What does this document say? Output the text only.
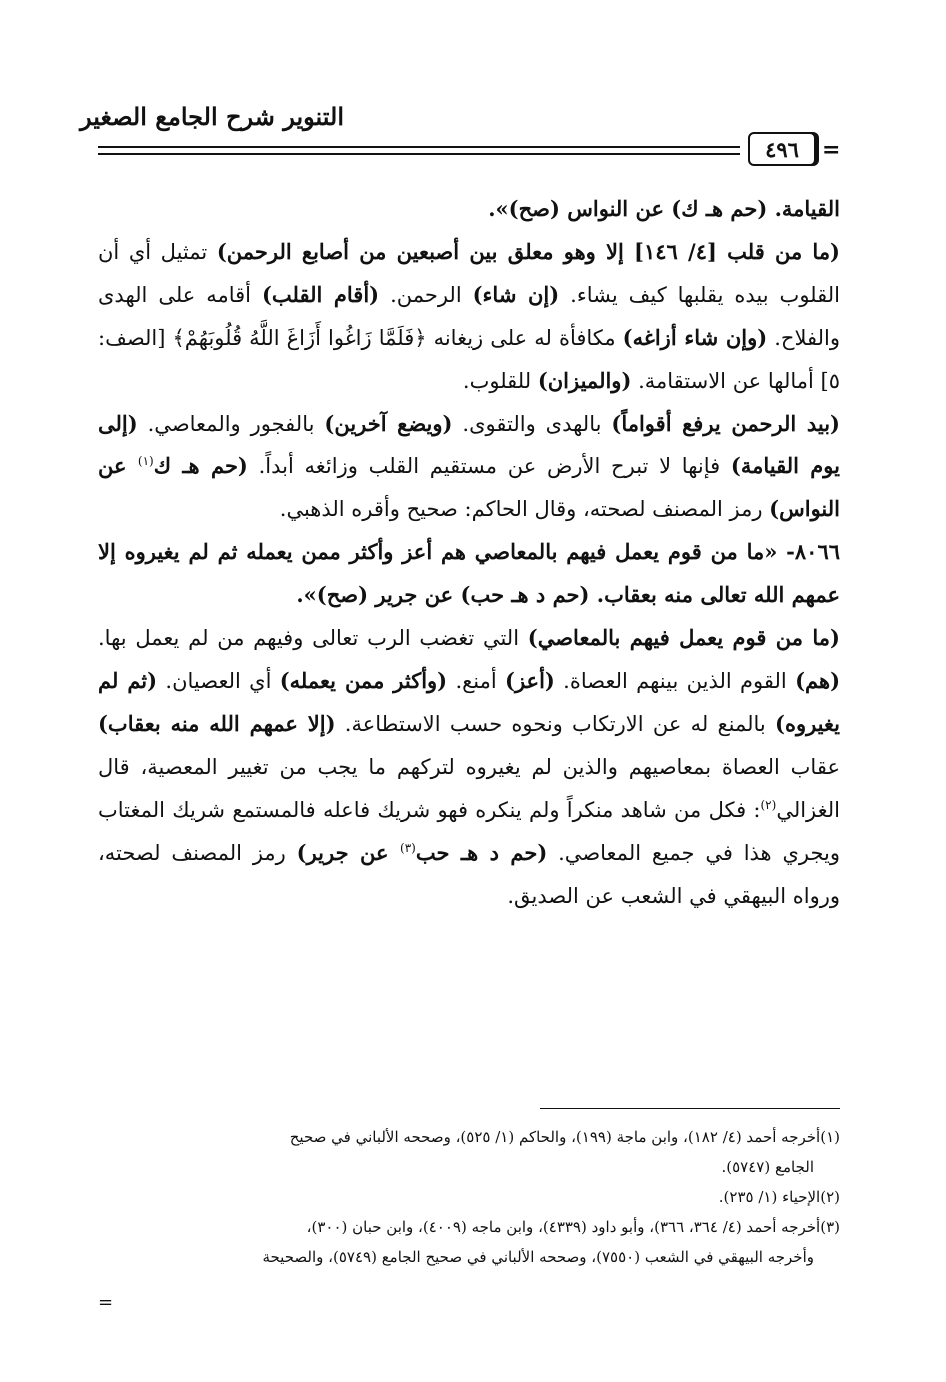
التنوير شرح الجامع الصغير
٤٩٦ =

القيامة. (حم هـ ك) عن النواس (صح)».
(ما من قلب [٤/ ١٤٦] إلا وهو معلق بين أصبعين من أصابع الرحمن) تمثيل أي أن القلوب بيده يقلبها كيف يشاء. (إن شاء) الرحمن. (أقام القلب) أقامه على الهدى والفلاح. (وإن شاء أزاغه) مكافأة له على زيغانه ﴿فَلَمَّا زَاغُوا أَزَاغَ اللَّهُ قُلُوبَهُمْ﴾ [الصف: ٥] أمالها عن الاستقامة. (والميزان) للقلوب.

(بيد الرحمن يرفع أقواماً) بالهدى والتقوى. (ويضع آخرين) بالفجور والمعاصي. (إلى يوم القيامة) فإنها لا تبرح الأرض عن مستقيم القلب وزائغه أبداً. (حم هـ ك$^{(١)}$ عن النواس) رمز المصنف لصحته، وقال الحاكم: صحيح وأقره الذهبي.

٨٠٦٦- «ما من قوم يعمل فيهم بالمعاصي هم أعز وأكثر ممن يعمله ثم لم يغيروه إلا عمهم الله تعالى منه بعقاب. (حم د هـ حب) عن جرير (صح)».

(ما من قوم يعمل فيهم بالمعاصي) التي تغضب الرب تعالى وفيهم من لم يعمل بها. (هم) القوم الذين بينهم العصاة. (أعز) أمنع. (وأكثر ممن يعمله) أي العصيان. (ثم لم يغيروه) بالمنع له عن الارتكاب ونحوه حسب الاستطاعة. (إلا عمهم الله منه بعقاب) عقاب العصاة بمعاصيهم والذين لم يغيروه لتركهم ما يجب من تغيير المعصية، قال الغزالي$^{(٢)}$: فكل من شاهد منكراً ولم ينكره فهو شريك فاعله فالمستمع شريك المغتاب ويجري هذا في جميع المعاصي. (حم د هـ حب$^{(٣)}$ عن جرير) رمز المصنف لصحته، ورواه البيهقي في الشعب عن الصديق.

(١)أخرجه أحمد (٤/ ١٨٢)، وابن ماجة (١٩٩)، والحاكم (١/ ٥٢٥)، وصححه الألباني في صحيح
الجامع (٥٧٤٧).

(٢)الإحياء (١/ ٢٣٥).

(٣)أخرجه أحمد (٤/ ٣٦٤، ٣٦٦)، وأبو داود (٤٣٣٩)، وابن ماجه (٤٠٠٩)، وابن حبان (٣٠٠)،
وأخرجه البيهقي في الشعب (٧٥٥٠)، وصححه الألباني في صحيح الجامع (٥٧٤٩)، والصحيحة

=
